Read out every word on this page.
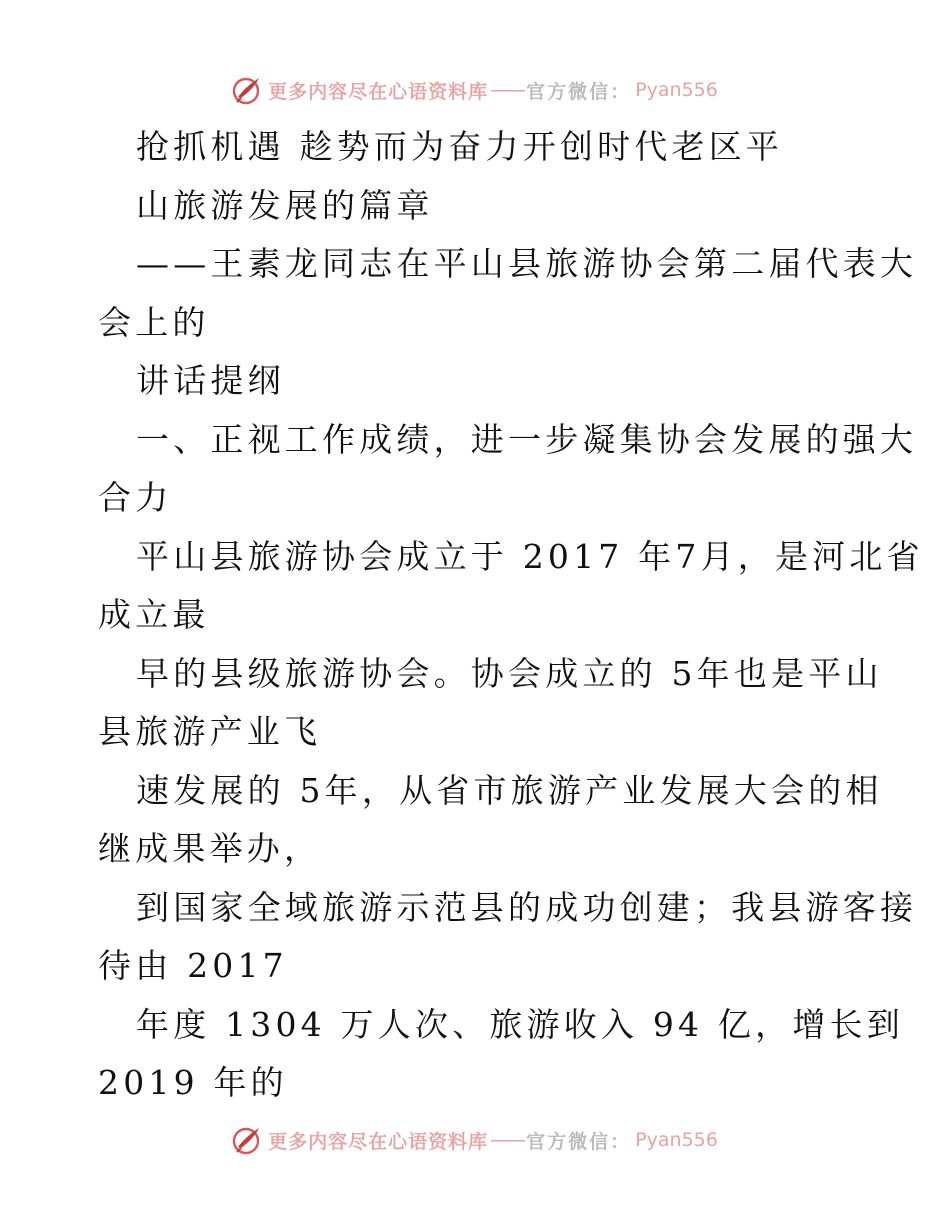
更多内容尽在心语资料库 —— 官方微信： Pyan556
抢抓机遇 趁势而为奋力开创时代老区平
山旅游发展的篇章
——王素龙同志在平山县旅游协会第二届代表大
会上的
讲话提纲
一、正视工作成绩，进一步凝集协会发展的强大
合力
平山县旅游协会成立于 2017 年7月，是河北省
成立最
早的县级旅游协会。协会成立的 5年也是平山
县旅游产业飞
速发展的 5年，从省市旅游产业发展大会的相
继成果举办，
到国家全域旅游示范县的成功创建；我县游客接
待由 2017
年度 1304 万人次、旅游收入 94 亿，增长到
2019 年的
更多内容尽在心语资料库 —— 官方微信： Pyan556
